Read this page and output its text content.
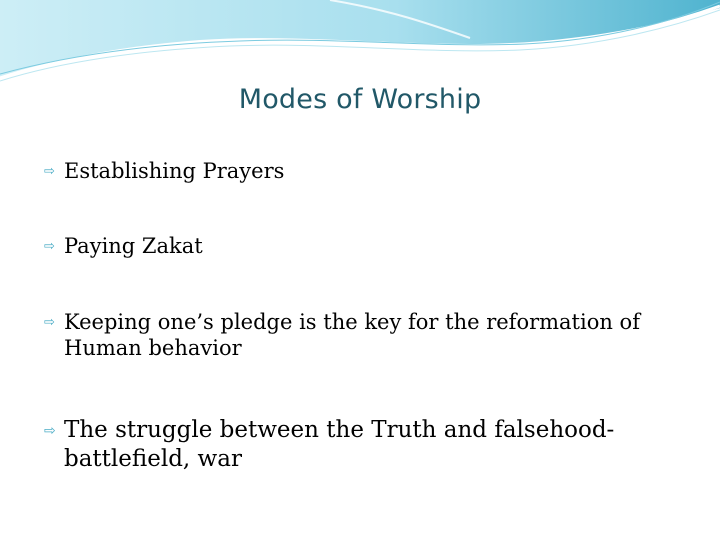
Modes of Worship
⇨ Establishing Prayers
⇨ Paying Zakat
⇨ Keeping one’s pledge is the key for the reformation of Human behavior
⇨ The struggle between the Truth and falsehood- battlefield, war
